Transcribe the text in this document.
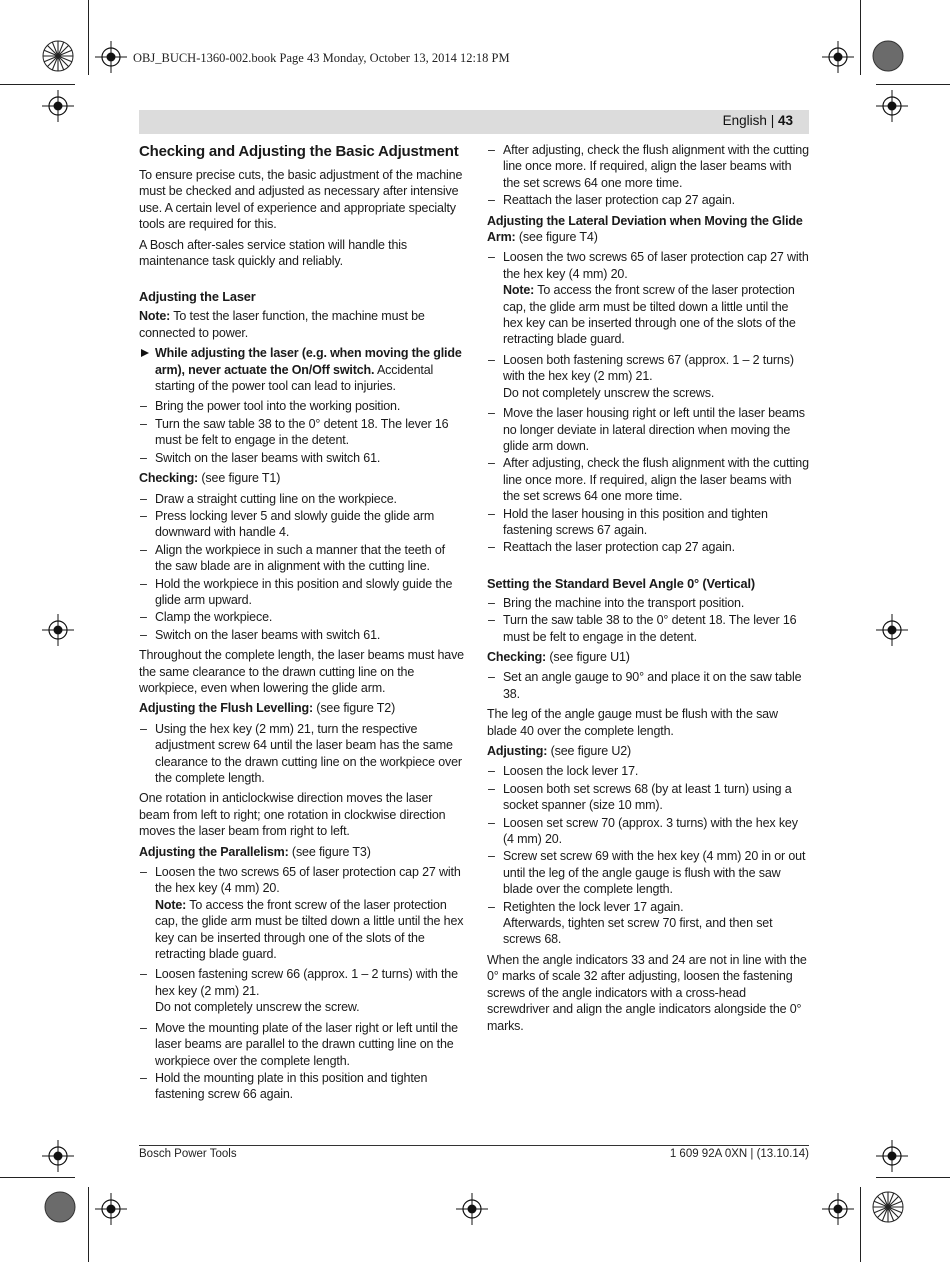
OBJ_BUCH-1360-002.book Page 43 Monday, October 13, 2014 12:18 PM
English | 43
Checking and Adjusting the Basic Adjustment

To ensure precise cuts, the basic adjustment of the machine must be checked and adjusted as necessary after intensive use. A certain level of experience and appropriate specialty tools are required for this.

A Bosch after-sales service station will handle this maintenance task quickly and reliably.

Adjusting the Laser

Note: To test the laser function, the machine must be connected to power.

While adjusting the laser (e.g. when moving the glide arm), never actuate the On/Off switch. Accidental starting of the power tool can lead to injuries.
– Bring the power tool into the working position.
– Turn the saw table 38 to the 0° detent 18. The lever 16 must be felt to engage in the detent.
– Switch on the laser beams with switch 61.

Checking: (see figure T1)

– Draw a straight cutting line on the workpiece.
– Press locking lever 5 and slowly guide the glide arm downward with handle 4.
– Align the workpiece in such a manner that the teeth of the saw blade are in alignment with the cutting line.
– Hold the workpiece in this position and slowly guide the glide arm upward.
– Clamp the workpiece.
– Switch on the laser beams with switch 61.

Throughout the complete length, the laser beams must have the same clearance to the drawn cutting line on the workpiece, even when lowering the glide arm.

Adjusting the Flush Levelling: (see figure T2)

– Using the hex key (2 mm) 21, turn the respective adjustment screw 64 until the laser beam has the same clearance to the drawn cutting line on the workpiece over the complete length.

One rotation in anticlockwise direction moves the laser beam from left to right; one rotation in clockwise direction moves the laser beam from right to left.

Adjusting the Parallelism: (see figure T3)

– Loosen the two screws 65 of laser protection cap 27 with the hex key (4 mm) 20.
Note: To access the front screw of the laser protection cap, the glide arm must be tilted down a little until the hex key can be inserted through one of the slots of the retracting blade guard.
– Loosen fastening screw 66 (approx. 1 – 2 turns) with the hex key (2 mm) 21.
Do not completely unscrew the screw.
– Move the mounting plate of the laser right or left until the laser beams are parallel to the drawn cutting line on the workpiece over the complete length.
– Hold the mounting plate in this position and tighten fastening screw 66 again.
– After adjusting, check the flush alignment with the cutting line once more. If required, align the laser beams with the set screws 64 one more time.
– Reattach the laser protection cap 27 again.

Adjusting the Lateral Deviation when Moving the Glide Arm: (see figure T4)

– Loosen the two screws 65 of laser protection cap 27 with the hex key (4 mm) 20.
Note: To access the front screw of the laser protection cap, the glide arm must be tilted down a little until the hex key can be inserted through one of the slots of the retracting blade guard.
– Loosen both fastening screws 67 (approx. 1 – 2 turns) with the hex key (2 mm) 21.
Do not completely unscrew the screws.
– Move the laser housing right or left until the laser beams no longer deviate in lateral direction when moving the glide arm down.
– After adjusting, check the flush alignment with the cutting line once more. If required, align the laser beams with the set screws 64 one more time.
– Hold the laser housing in this position and tighten fastening screws 67 again.
– Reattach the laser protection cap 27 again.
Setting the Standard Bevel Angle 0° (Vertical)
– Bring the machine into the transport position.
– Turn the saw table 38 to the 0° detent 18. The lever 16 must be felt to engage in the detent.

Checking: (see figure U1)

– Set an angle gauge to 90° and place it on the saw table 38.

The leg of the angle gauge must be flush with the saw blade 40 over the complete length.

Adjusting: (see figure U2)

– Loosen the lock lever 17.
– Loosen both set screws 68 (by at least 1 turn) using a socket spanner (size 10 mm).
– Loosen set screw 70 (approx. 3 turns) with the hex key (4 mm) 20.
– Screw set screw 69 with the hex key (4 mm) 20 in or out until the leg of the angle gauge is flush with the saw blade over the complete length.
– Retighten the lock lever 17 again.
Afterwards, tighten set screw 70 first, and then set screws 68.

When the angle indicators 33 and 24 are not in line with the 0° marks of scale 32 after adjusting, loosen the fastening screws of the angle indicators with a cross-head screwdriver and align the angle indicators alongside the 0° marks.

Bosch Power Tools	1 609 92A 0XN | (13.10.14)
